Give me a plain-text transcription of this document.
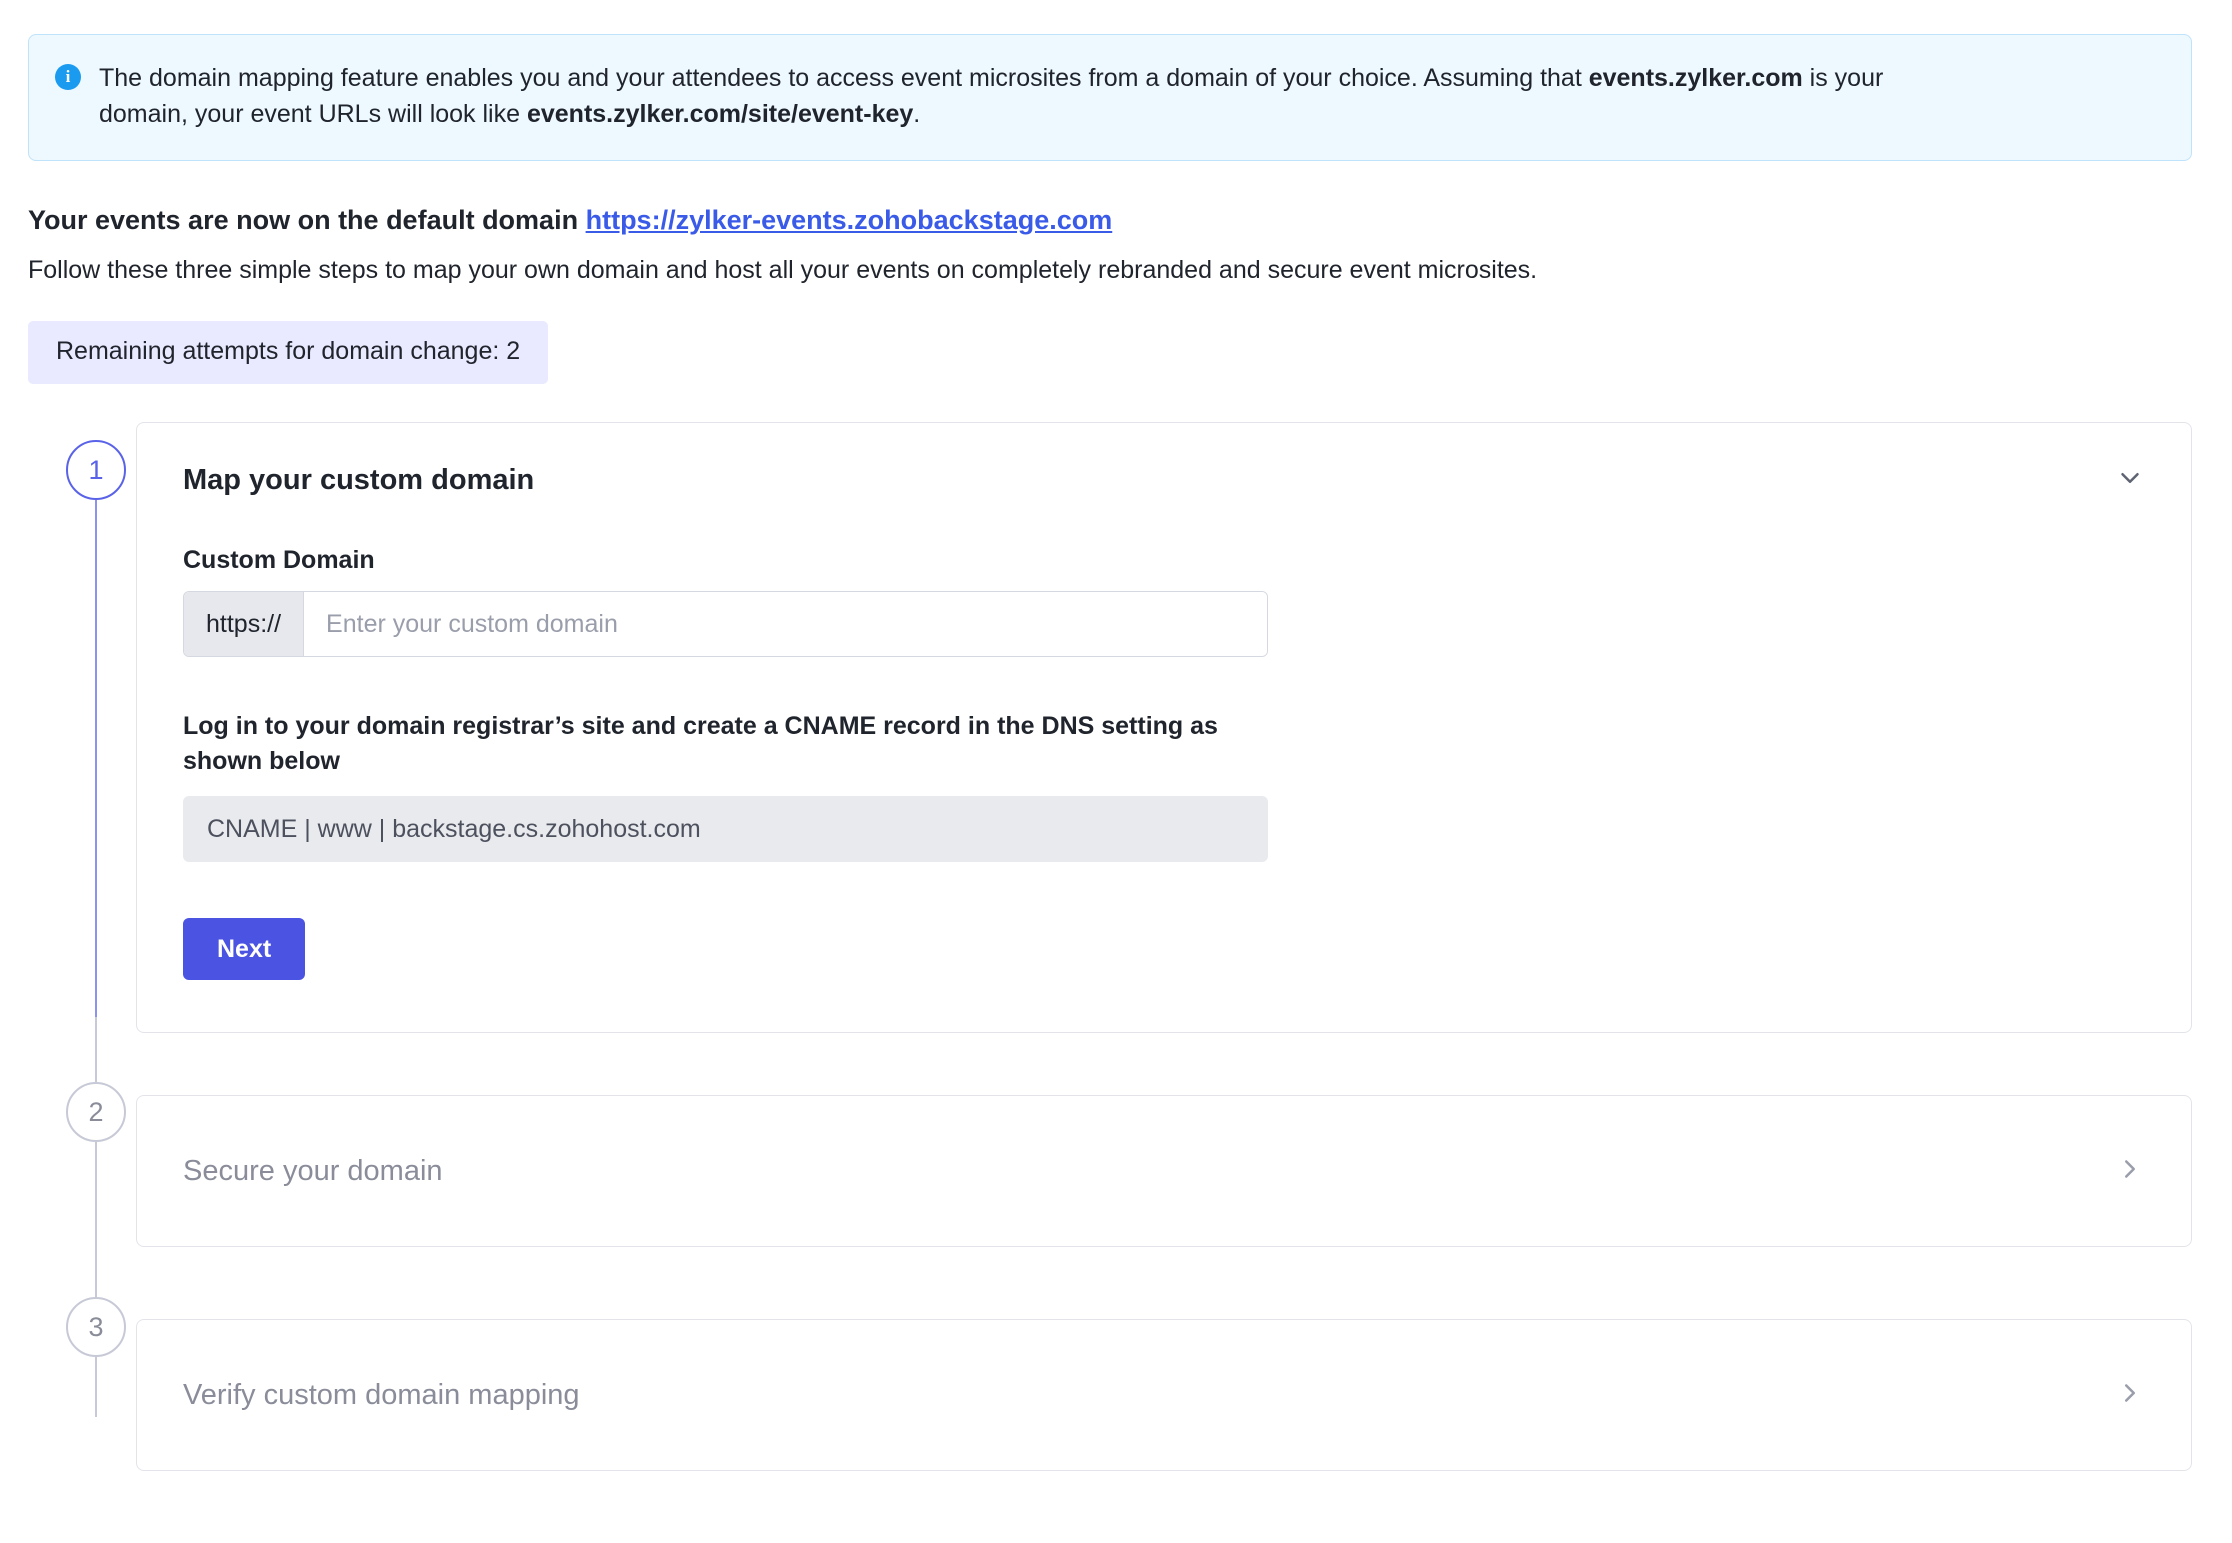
i	The domain mapping feature enables you and your attendees to access event microsites from a domain of your choice. Assuming that events.zylker.com is your domain, your event URLs will look like events.zylker.com/site/event-key.
Your events are now on the default domain https://zylker-events.zohobackstage.com
Follow these three simple steps to map your own domain and host all your events on completely rebranded and secure event microsites.
Remaining attempts for domain change: 2
1
2
3
Map your custom domain
Custom Domain
https://
Enter your custom domain
Log in to your domain registrar’s site and create a CNAME record in the DNS setting as shown below
CNAME | www | backstage.cs.zohohost.com
Next
Secure your domain
Verify custom domain mapping
